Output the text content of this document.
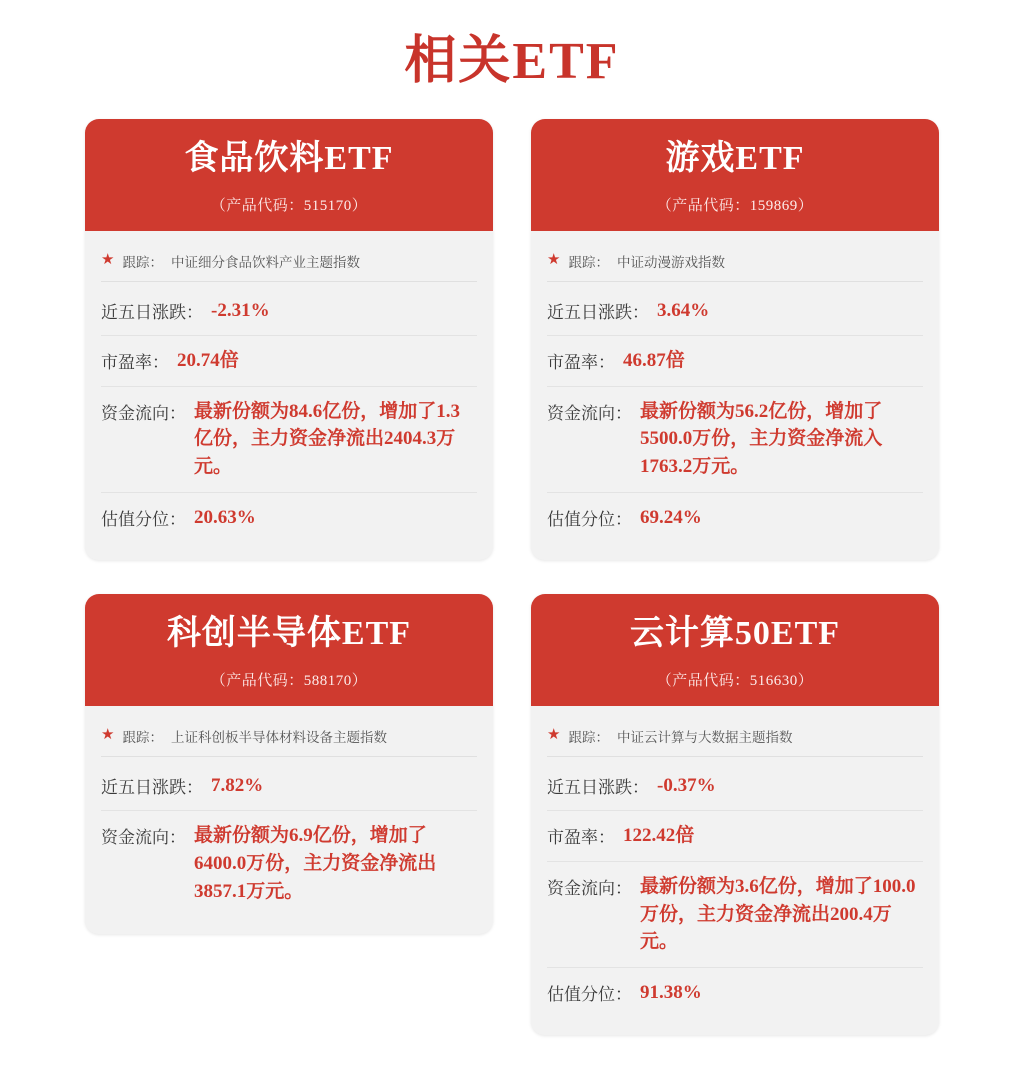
相关ETF
食品饮料ETF
（产品代码：515170）
★ 跟踪： 中证细分食品饮料产业主题指数
近五日涨跌： -2.31%
市盈率： 20.74倍
资金流向： 最新份额为84.6亿份，增加了1.3亿份，主力资金净流出2404.3万元。
估值分位： 20.63%
游戏ETF
（产品代码：159869）
★ 跟踪： 中证动漫游戏指数
近五日涨跌： 3.64%
市盈率： 46.87倍
资金流向： 最新份额为56.2亿份，增加了5500.0万份，主力资金净流入1763.2万元。
估值分位： 69.24%
科创半导体ETF
（产品代码：588170）
★ 跟踪： 上证科创板半导体材料设备主题指数
近五日涨跌： 7.82%
资金流向： 最新份额为6.9亿份，增加了6400.0万份，主力资金净流出3857.1万元。
云计算50ETF
（产品代码：516630）
★ 跟踪： 中证云计算与大数据主题指数
近五日涨跌： -0.37%
市盈率： 122.42倍
资金流向： 最新份额为3.6亿份，增加了100.0万份，主力资金净流出200.4万元。
估值分位： 91.38%
